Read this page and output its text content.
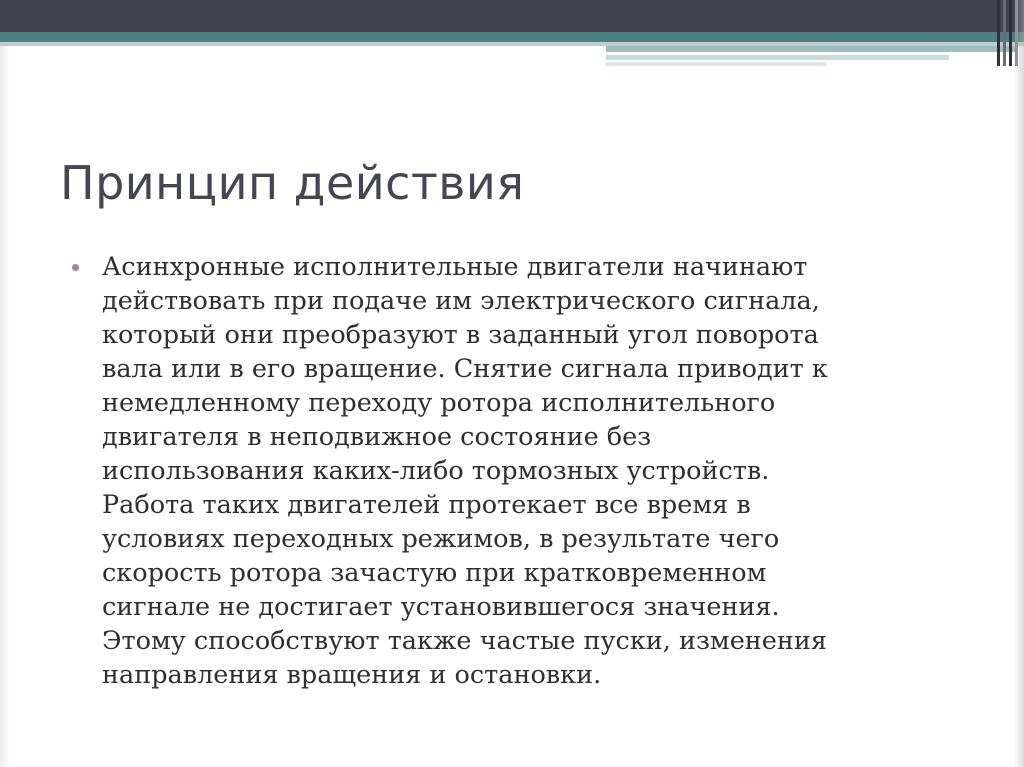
Принцип действия

Асинхронные исполнительные двигатели начинают
действовать при подаче им электрического сигнала,
который они преобразуют в заданный угол поворота
вала или в его вращение. Снятие сигнала приводит к
немедленному переходу ротора исполнительного
двигателя в неподвижное состояние без
использования каких-либо тормозных устройств.
Работа таких двигателей протекает все время в
условиях переходных режимов, в результате чего
скорость ротора зачастую при кратковременном
сигнале не достигает установившегося значения.
Этому способствуют также частые пуски, изменения
направления вращения и остановки.
